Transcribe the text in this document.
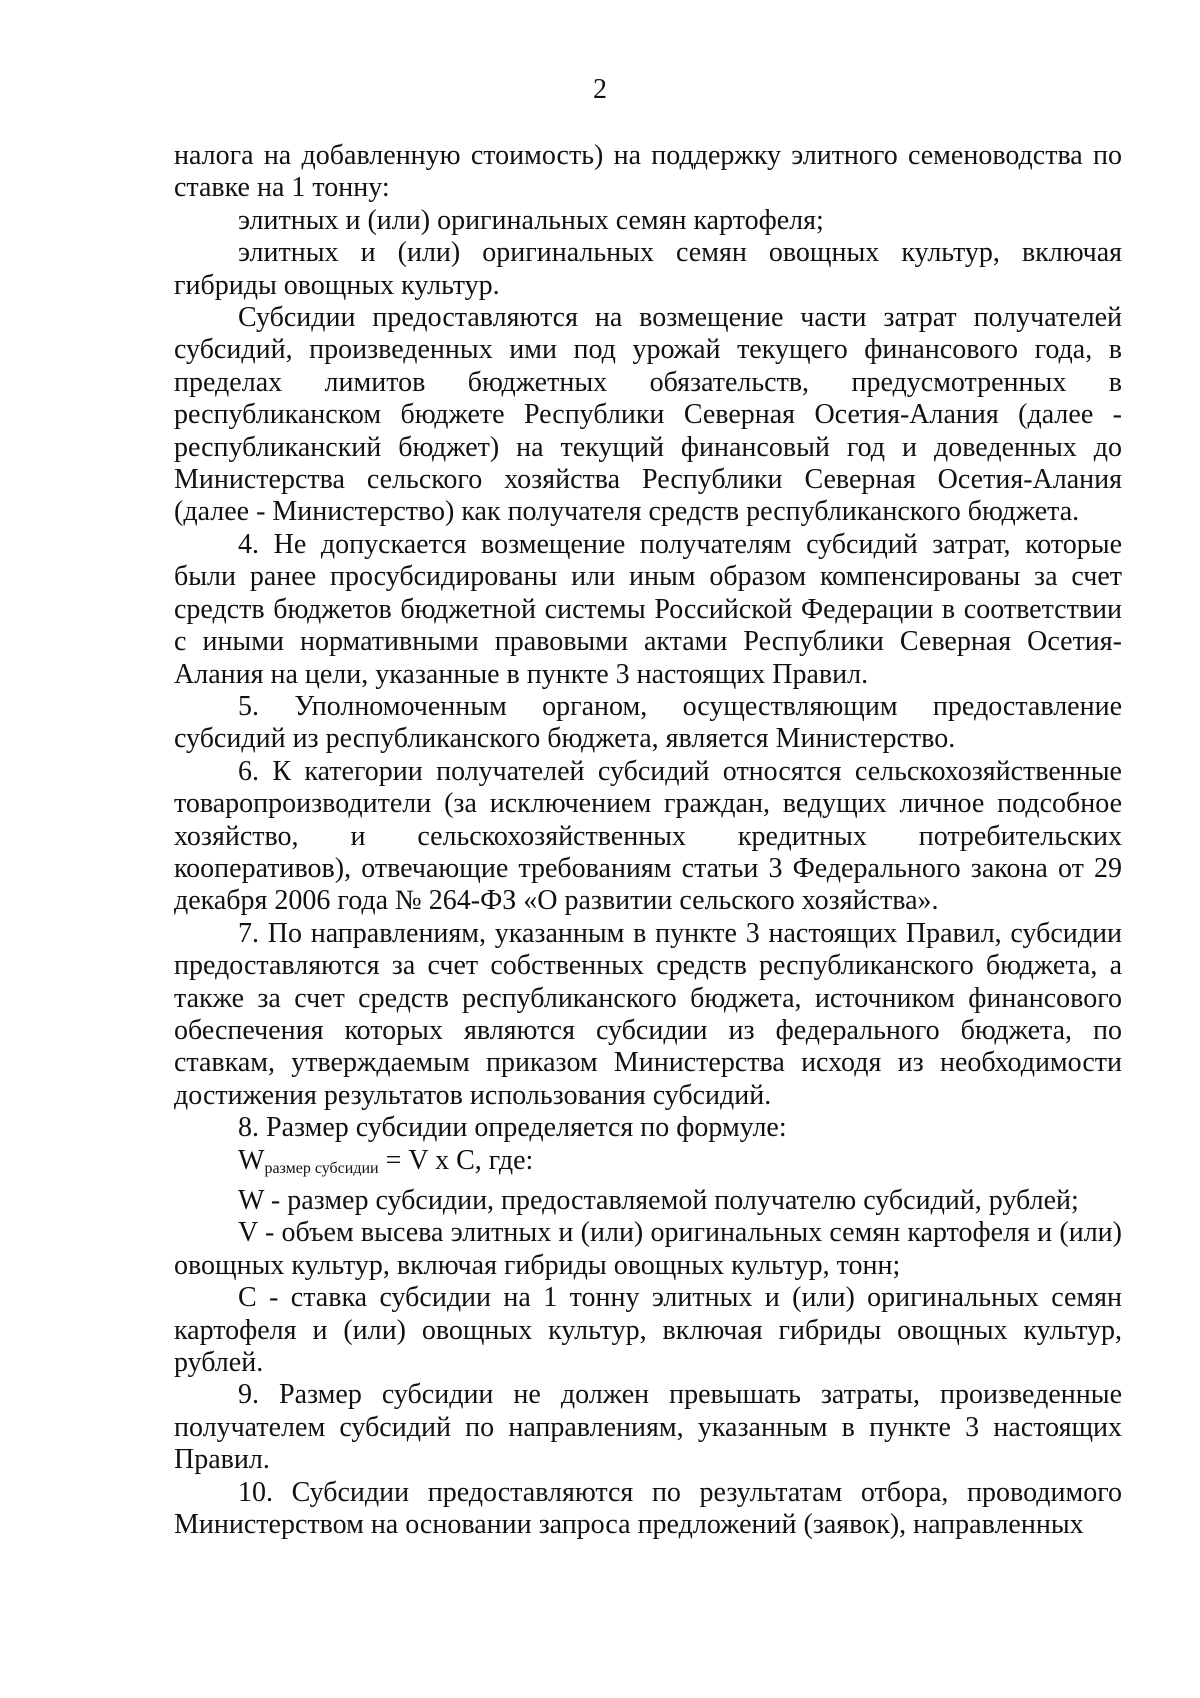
2

налога на добавленную стоимость) на поддержку элитного семеноводства по ставке на 1 тонну:

элитных и (или) оригинальных семян картофеля;

элитных и (или) оригинальных семян овощных культур, включая гибриды овощных культур.

Субсидии предоставляются на возмещение части затрат получателей субсидий, произведенных ими под урожай текущего финансового года, в пределах лимитов бюджетных обязательств, предусмотренных в республиканском бюджете Республики Северная Осетия-Алания (далее - республиканский бюджет) на текущий финансовый год и доведенных до Министерства сельского хозяйства Республики Северная Осетия-Алания (далее - Министерство) как получателя средств республиканского бюджета.

4. Не допускается возмещение получателям субсидий затрат, которые были ранее просубсидированы или иным образом компенсированы за счет средств бюджетов бюджетной системы Российской Федерации в соответствии с иными нормативными правовыми актами Республики Северная Осетия-Алания на цели, указанные в пункте 3 настоящих Правил.

5. Уполномоченным органом, осуществляющим предоставление субсидий из республиканского бюджета, является Министерство.

6. К категории получателей субсидий относятся сельскохозяйственные товаропроизводители (за исключением граждан, ведущих личное подсобное хозяйство, и сельскохозяйственных кредитных потребительских кооперативов), отвечающие требованиям статьи 3 Федерального закона от 29 декабря 2006 года № 264-ФЗ «О развитии сельского хозяйства».

7. По направлениям, указанным в пункте 3 настоящих Правил, субсидии предоставляются за счет собственных средств республиканского бюджета, а также за счет средств республиканского бюджета, источником финансового обеспечения которых являются субсидии из федерального бюджета, по ставкам, утверждаемым приказом Министерства исходя из необходимости достижения результатов использования субсидий.

8. Размер субсидии определяется по формуле:

$W_{размер субсидии} = V$ x C, где:

W - размер субсидии, предоставляемой получателю субсидий, рублей;

V - объем высева элитных и (или) оригинальных семян картофеля и (или) овощных культур, включая гибриды овощных культур, тонн;

C - ставка субсидии на 1 тонну элитных и (или) оригинальных семян картофеля и (или) овощных культур, включая гибриды овощных культур, рублей.

9. Размер субсидии не должен превышать затраты, произведенные получателем субсидий по направлениям, указанным в пункте 3 настоящих Правил.

10. Субсидии предоставляются по результатам отбора, проводимого Министерством на основании запроса предложений (заявок), направленных
